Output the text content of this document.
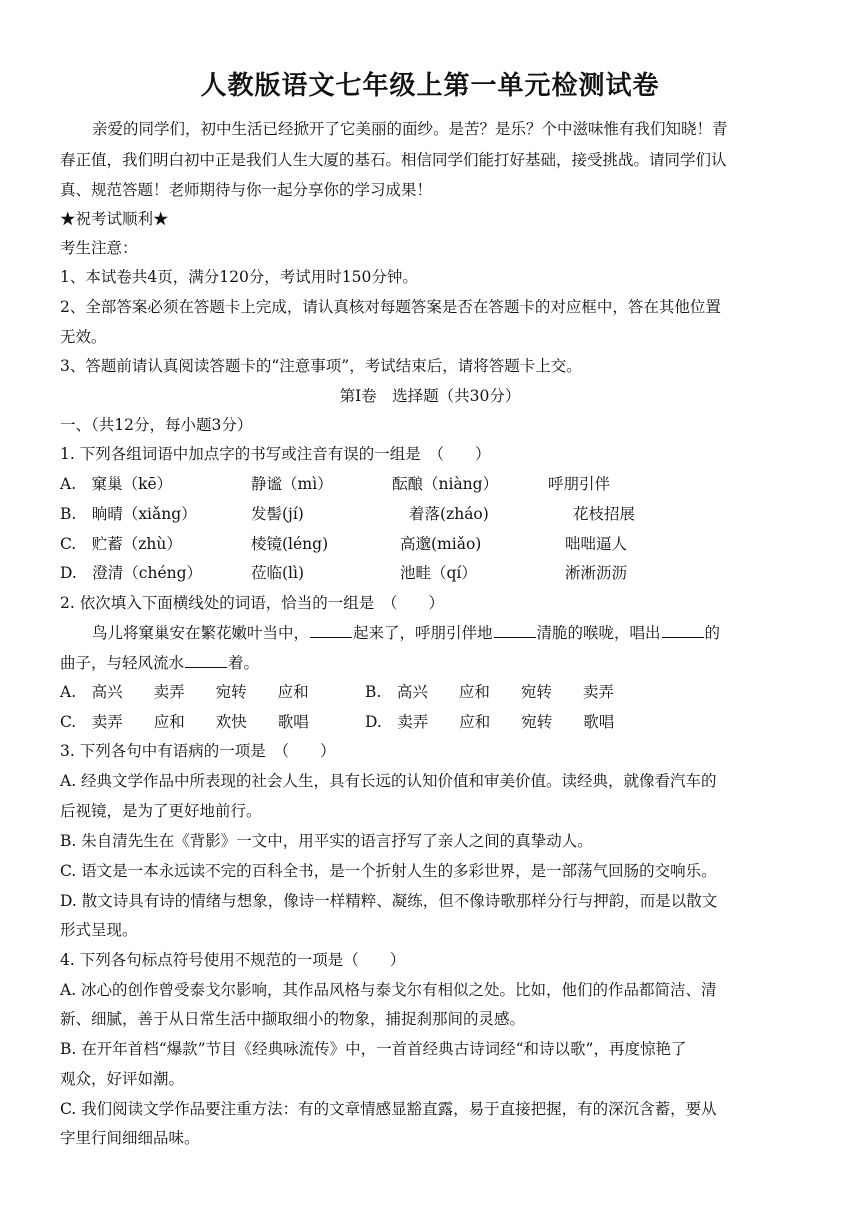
人教版语文七年级上第一单元检测试卷
亲爱的同学们，初中生活已经掀开了它美丽的面纱。是苦？是乐？个中滋味惟有我们知晓！青
春正值，我们明白初中正是我们人生大厦的基石。相信同学们能打好基础，接受挑战。请同学们认
真、规范答题！老师期待与你一起分享你的学习成果！
★祝考试顺利★
考生注意：
1、本试卷共4页，满分120分，考试用时150分钟。
2、全部答案必须在答题卡上完成，请认真核对每题答案是否在答题卡的对应框中，答在其他位置
无效。
3、答题前请认真阅读答题卡的“注意事项”，考试结束后，请将答题卡上交。
第Ⅰ卷　选择题（共30分）
一、（共12分，每小题3分）
1. 下列各组词语中加点字的书写或注音有误的一组是　（　　）
A.　窠巢（kē）	静谧（mì）	酝酿（niàng）	呼朋引伴
B.　晌晴（xiǎng）	发髻(jí)	着落(zháo)	花枝招展
C.　贮蓄（zhù）	棱镜(léng)	高邈(miǎo)	咄咄逼人
D.　澄清（chéng）	莅临(lì)	池畦（qí）	淅淅沥沥
2. 依次填入下面横线处的词语，恰当的一组是　（　　）
鸟儿将窠巢安在繁花嫩叶当中，	起来了，呼朋引伴地	清脆的喉咙，唱出	的
曲子，与轻风流水	着。
A.　高兴　　卖弄　　宛转　　应和	B.　高兴　　应和　　宛转　　卖弄
C.　卖弄　　应和　　欢快　　歌唱	D.　卖弄　　应和　　宛转　　歌唱
3. 下列各句中有语病的一项是　（　　）
A. 经典文学作品中所表现的社会人生，具有长远的认知价值和审美价值。读经典，就像看汽车的
后视镜，是为了更好地前行。
B. 朱自清先生在《背影》一文中，用平实的语言抒写了亲人之间的真挚动人。
C. 语文是一本永远读不完的百科全书，是一个折射人生的多彩世界，是一部荡气回肠的交响乐。
D. 散文诗具有诗的情绪与想象，像诗一样精粹、凝练，但不像诗歌那样分行与押韵，而是以散文
形式呈现。
4. 下列各句标点符号使用不规范的一项是（　　）
A. 冰心的创作曾受泰戈尔影响，其作品风格与泰戈尔有相似之处。比如，他们的作品都简洁、清
新、细腻，善于从日常生活中撷取细小的物象，捕捉刹那间的灵感。
B. 在开年首档“爆款”节目《经典咏流传》中，一首首经典古诗词经“和诗以歌”，再度惊艳了
观众，好评如潮。
C. 我们阅读文学作品要注重方法：有的文章情感显豁直露，易于直接把握，有的深沉含蓄，要从
字里行间细细品味。
